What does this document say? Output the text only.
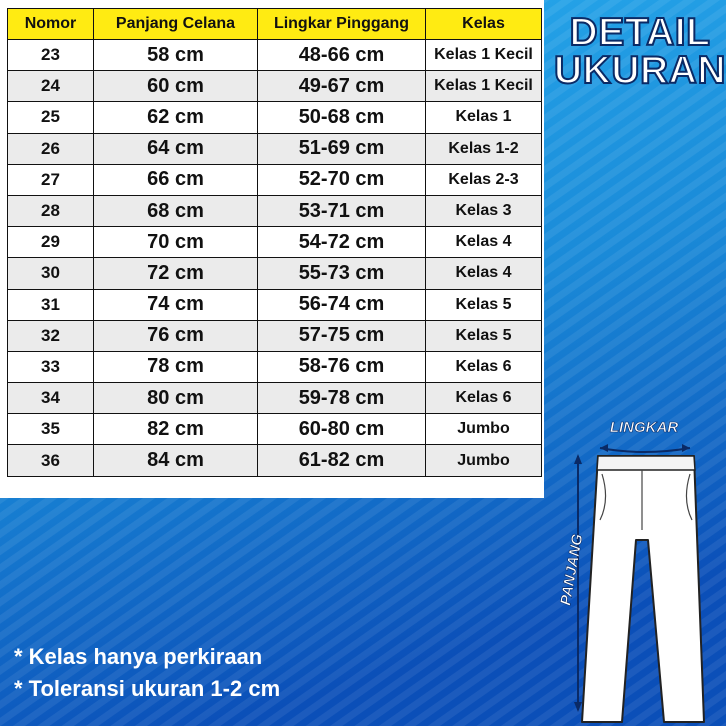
Nomor	Panjang Celana	Lingkar Pinggang	Kelas
23	58 cm	48-66 cm	Kelas 1 Kecil
24	60 cm	49-67 cm	Kelas 1 Kecil
25	62 cm	50-68 cm	Kelas 1
26	64 cm	51-69 cm	Kelas 1-2
27	66 cm	52-70 cm	Kelas 2-3
28	68 cm	53-71 cm	Kelas 3
29	70 cm	54-72 cm	Kelas 4
30	72 cm	55-73 cm	Kelas 4
31	74 cm	56-74 cm	Kelas 5
32	76 cm	57-75 cm	Kelas 5
33	78 cm	58-76 cm	Kelas 6
34	80 cm	59-78 cm	Kelas 6
35	82 cm	60-80 cm	Jumbo
36	84 cm	61-82 cm	Jumbo
DETAIL
UKURAN
* Kelas hanya perkiraan
* Toleransi ukuran 1-2 cm
LINGKAR
PANJANG
